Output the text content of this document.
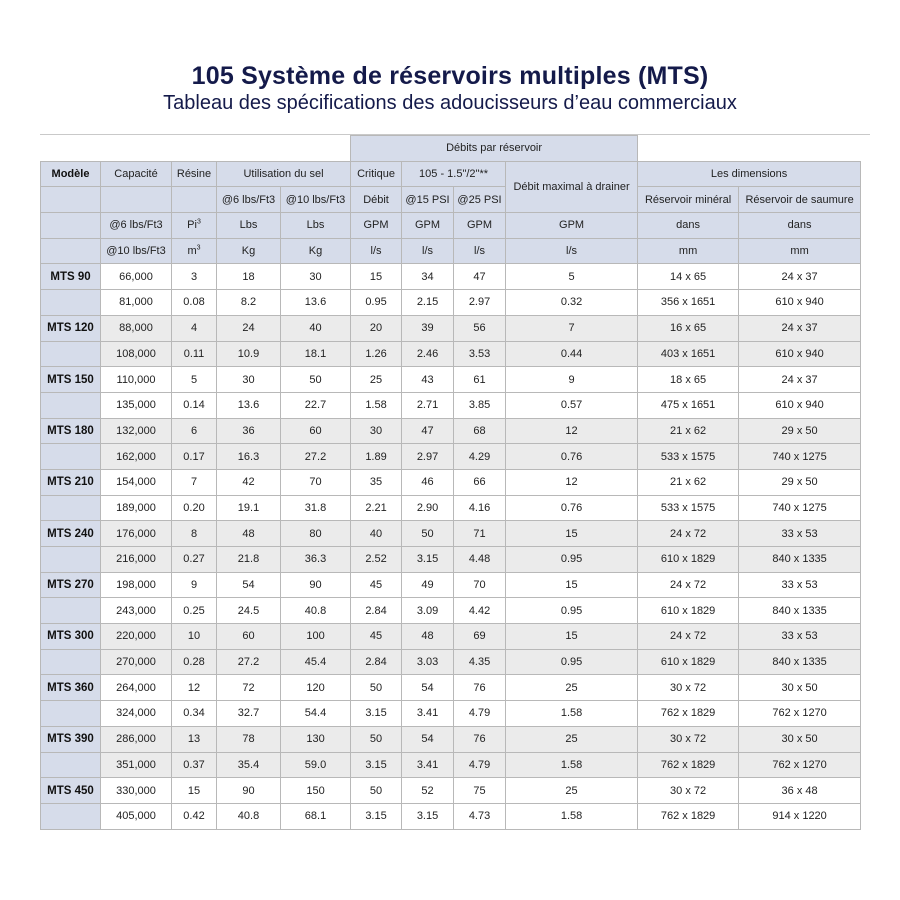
105 Système de réservoirs multiples (MTS)
Tableau des spécifications des adoucisseurs d’eau commerciaux
					Débits par réservoir					
Modèle	Capacité	Résine	Utilisation du sel		Critique	105 - 1.5"/2"**		Débit maximal à drainer	Les dimensions	
			@6 lbs/Ft3	@10 lbs/Ft3	Débit	@15 PSI	@25 PSI		Réservoir minéral	Réservoir de saumure
	@6 lbs/Ft3	Pi$^3$	Lbs	Lbs	GPM	GPM	GPM	GPM	dans	dans
	@10 lbs/Ft3	$m^3$	Kg	Kg	l/s	l/s	l/s	l/s	mm	mm
MTS 90	66,000	3	18	30	15	34	47	5	14 x 65	24 x 37
	81,000	0.08	8.2	13.6	0.95	2.15	2.97	0.32	356 x 1651	610 x 940
MTS 120	88,000	4	24	40	20	39	56	7	16 x 65	24 x 37
	108,000	0.11	10.9	18.1	1.26	2.46	3.53	0.44	403 x 1651	610 x 940
MTS 150	110,000	5	30	50	25	43	61	9	18 x 65	24 x 37
	135,000	0.14	13.6	22.7	1.58	2.71	3.85	0.57	475 x 1651	610 x 940
MTS 180	132,000	6	36	60	30	47	68	12	21 x 62	29 x 50
	162,000	0.17	16.3	27.2	1.89	2.97	4.29	0.76	533 x 1575	740 x 1275
MTS 210	154,000	7	42	70	35	46	66	12	21 x 62	29 x 50
	189,000	0.20	19.1	31.8	2.21	2.90	4.16	0.76	533 x 1575	740 x 1275
MTS 240	176,000	8	48	80	40	50	71	15	24 x 72	33 x 53
	216,000	0.27	21.8	36.3	2.52	3.15	4.48	0.95	610 x 1829	840 x 1335
MTS 270	198,000	9	54	90	45	49	70	15	24 x 72	33 x 53
	243,000	0.25	24.5	40.8	2.84	3.09	4.42	0.95	610 x 1829	840 x 1335
MTS 300	220,000	10	60	100	45	48	69	15	24 x 72	33 x 53
	270,000	0.28	27.2	45.4	2.84	3.03	4.35	0.95	610 x 1829	840 x 1335
MTS 360	264,000	12	72	120	50	54	76	25	30 x 72	30 x 50
	324,000	0.34	32.7	54.4	3.15	3.41	4.79	1.58	762 x 1829	762 x 1270
MTS 390	286,000	13	78	130	50	54	76	25	30 x 72	30 x 50
	351,000	0.37	35.4	59.0	3.15	3.41	4.79	1.58	762 x 1829	762 x 1270
MTS 450	330,000	15	90	150	50	52	75	25	30 x 72	36 x 48
	405,000	0.42	40.8	68.1	3.15	3.15	4.73	1.58	762 x 1829	914 x 1220
